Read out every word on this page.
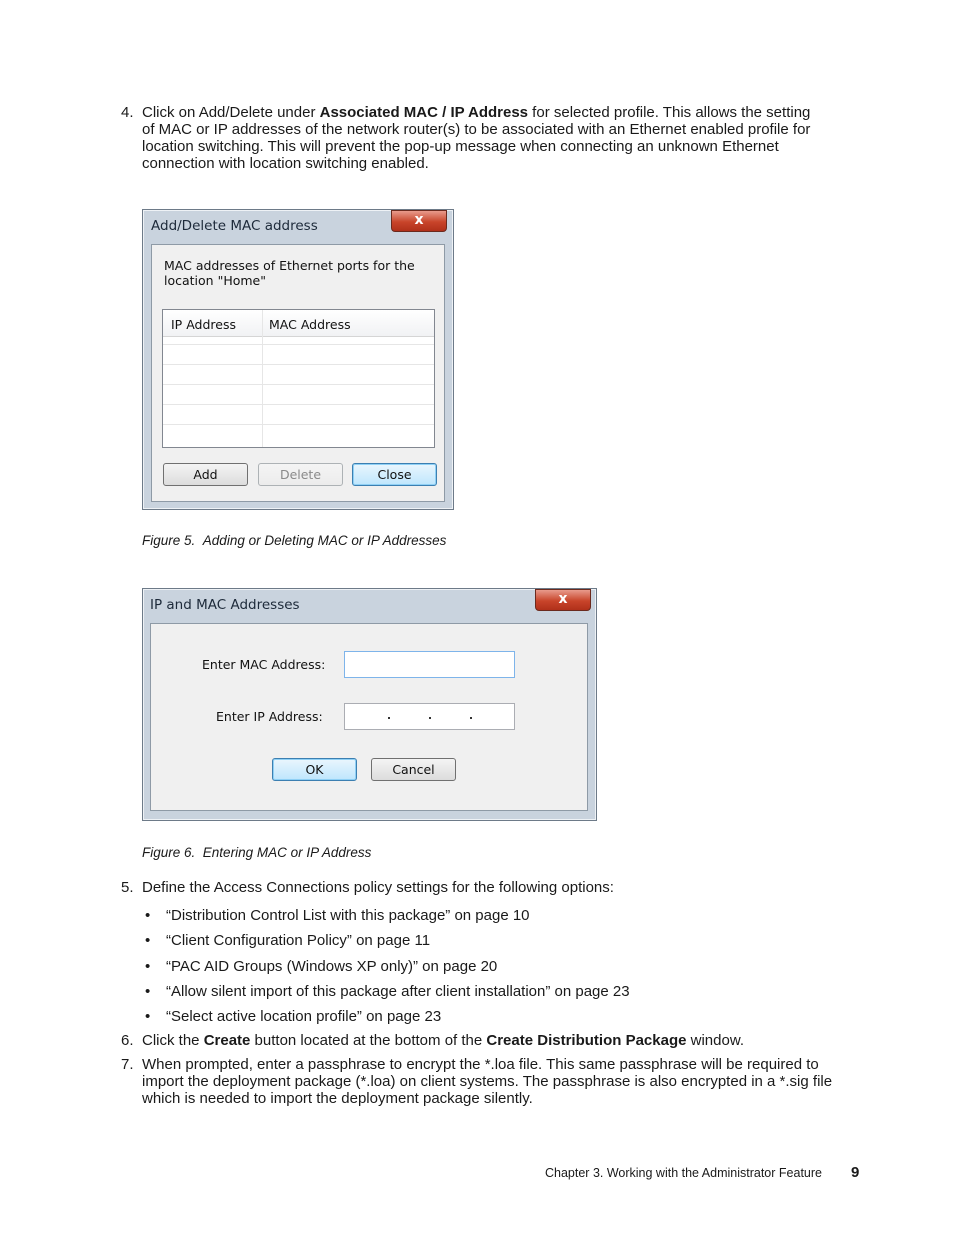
4. Click on Add/Delete under Associated MAC / IP Address for selected profile. This allows the setting
of MAC or IP addresses of the network router(s) to be associated with an Ethernet enabled profile for
location switching. This will prevent the pop-up message when connecting an unknown Ethernet
connection with location switching enabled.
Add/Delete MAC address	x
MAC addresses of Ethernet ports for the
location "Home"
IP Address	MAC Address
Add	Delete	Close
Figure 5. Adding or Deleting MAC or IP Addresses
IP and MAC Addresses	x
Enter MAC Address:
Enter IP Address:
OK	Cancel
Figure 6. Entering MAC or IP Address
5. Define the Access Connections policy settings for the following options:
• “Distribution Control List with this package” on page 10
• “Client Configuration Policy” on page 11
• “PAC AID Groups (Windows XP only)” on page 20
• “Allow silent import of this package after client installation” on page 23
• “Select active location profile” on page 23
6. Click the Create button located at the bottom of the Create Distribution Package window.
7. When prompted, enter a passphrase to encrypt the *.loa file. This same passphrase will be required to
import the deployment package (*.loa) on client systems. The passphrase is also encrypted in a *.sig file
which is needed to import the deployment package silently.
Chapter 3. Working with the Administrator Feature 9
